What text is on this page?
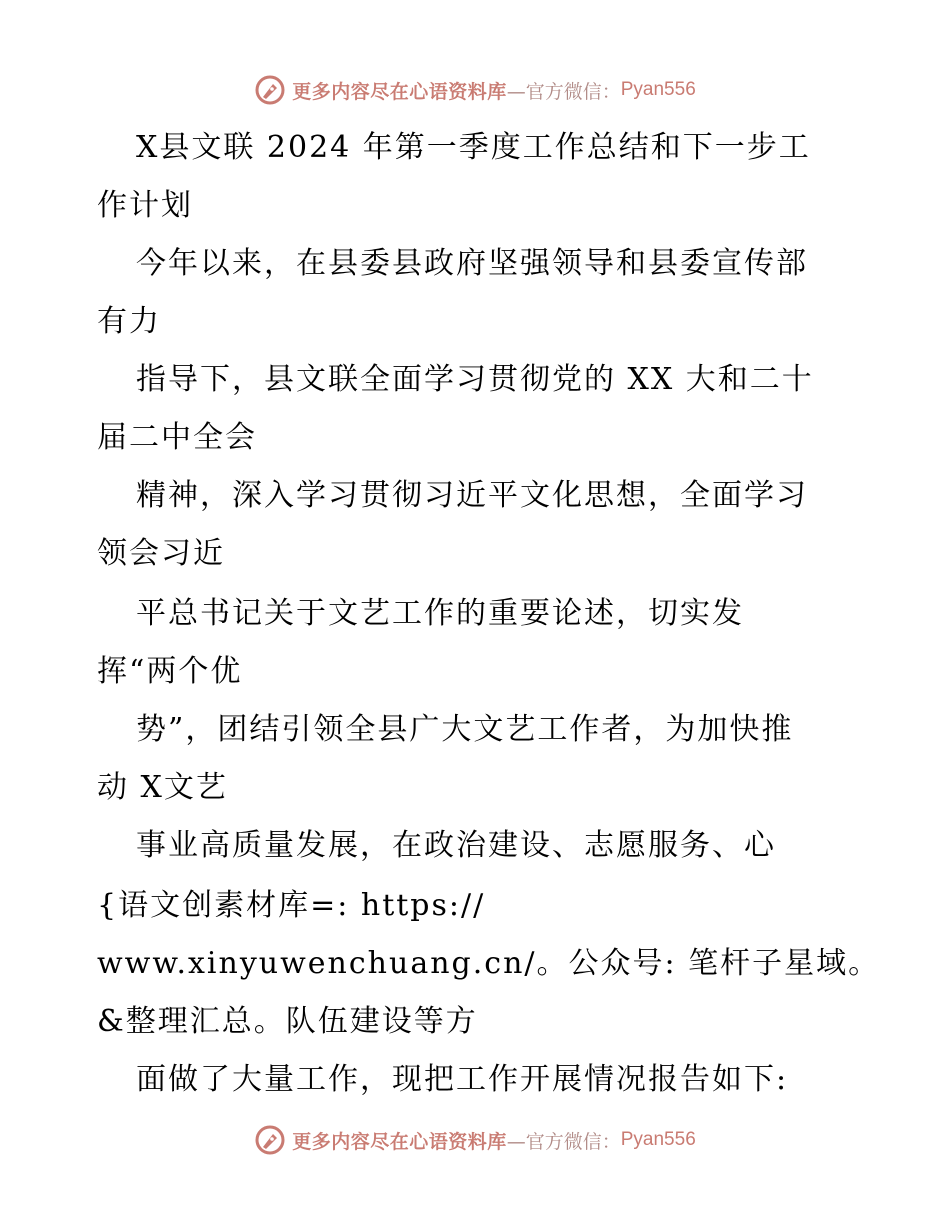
更多内容尽在心语资料库 —官方微信： Pyan556
X县文联 2024 年第一季度工作总结和下一步工
作计划
今年以来，在县委县政府坚强领导和县委宣传部
有力
指导下，县文联全面学习贯彻党的 XX 大和二十
届二中全会
精神，深入学习贯彻习近平文化思想，全面学习
领会习近
平总书记关于文艺工作的重要论述，切实发
挥“两个优
势”，团结引领全县广大文艺工作者，为加快推
动 X文艺
事业高质量发展，在政治建设、志愿服务、心
{语文创素材库=: https://
www.xinyuwenchuang.cn/。公众号: 笔杆子星域。
&整理汇总。队伍建设等方
面做了大量工作，现把工作开展情况报告如下:
更多内容尽在心语资料库 —官方微信： Pyan556
